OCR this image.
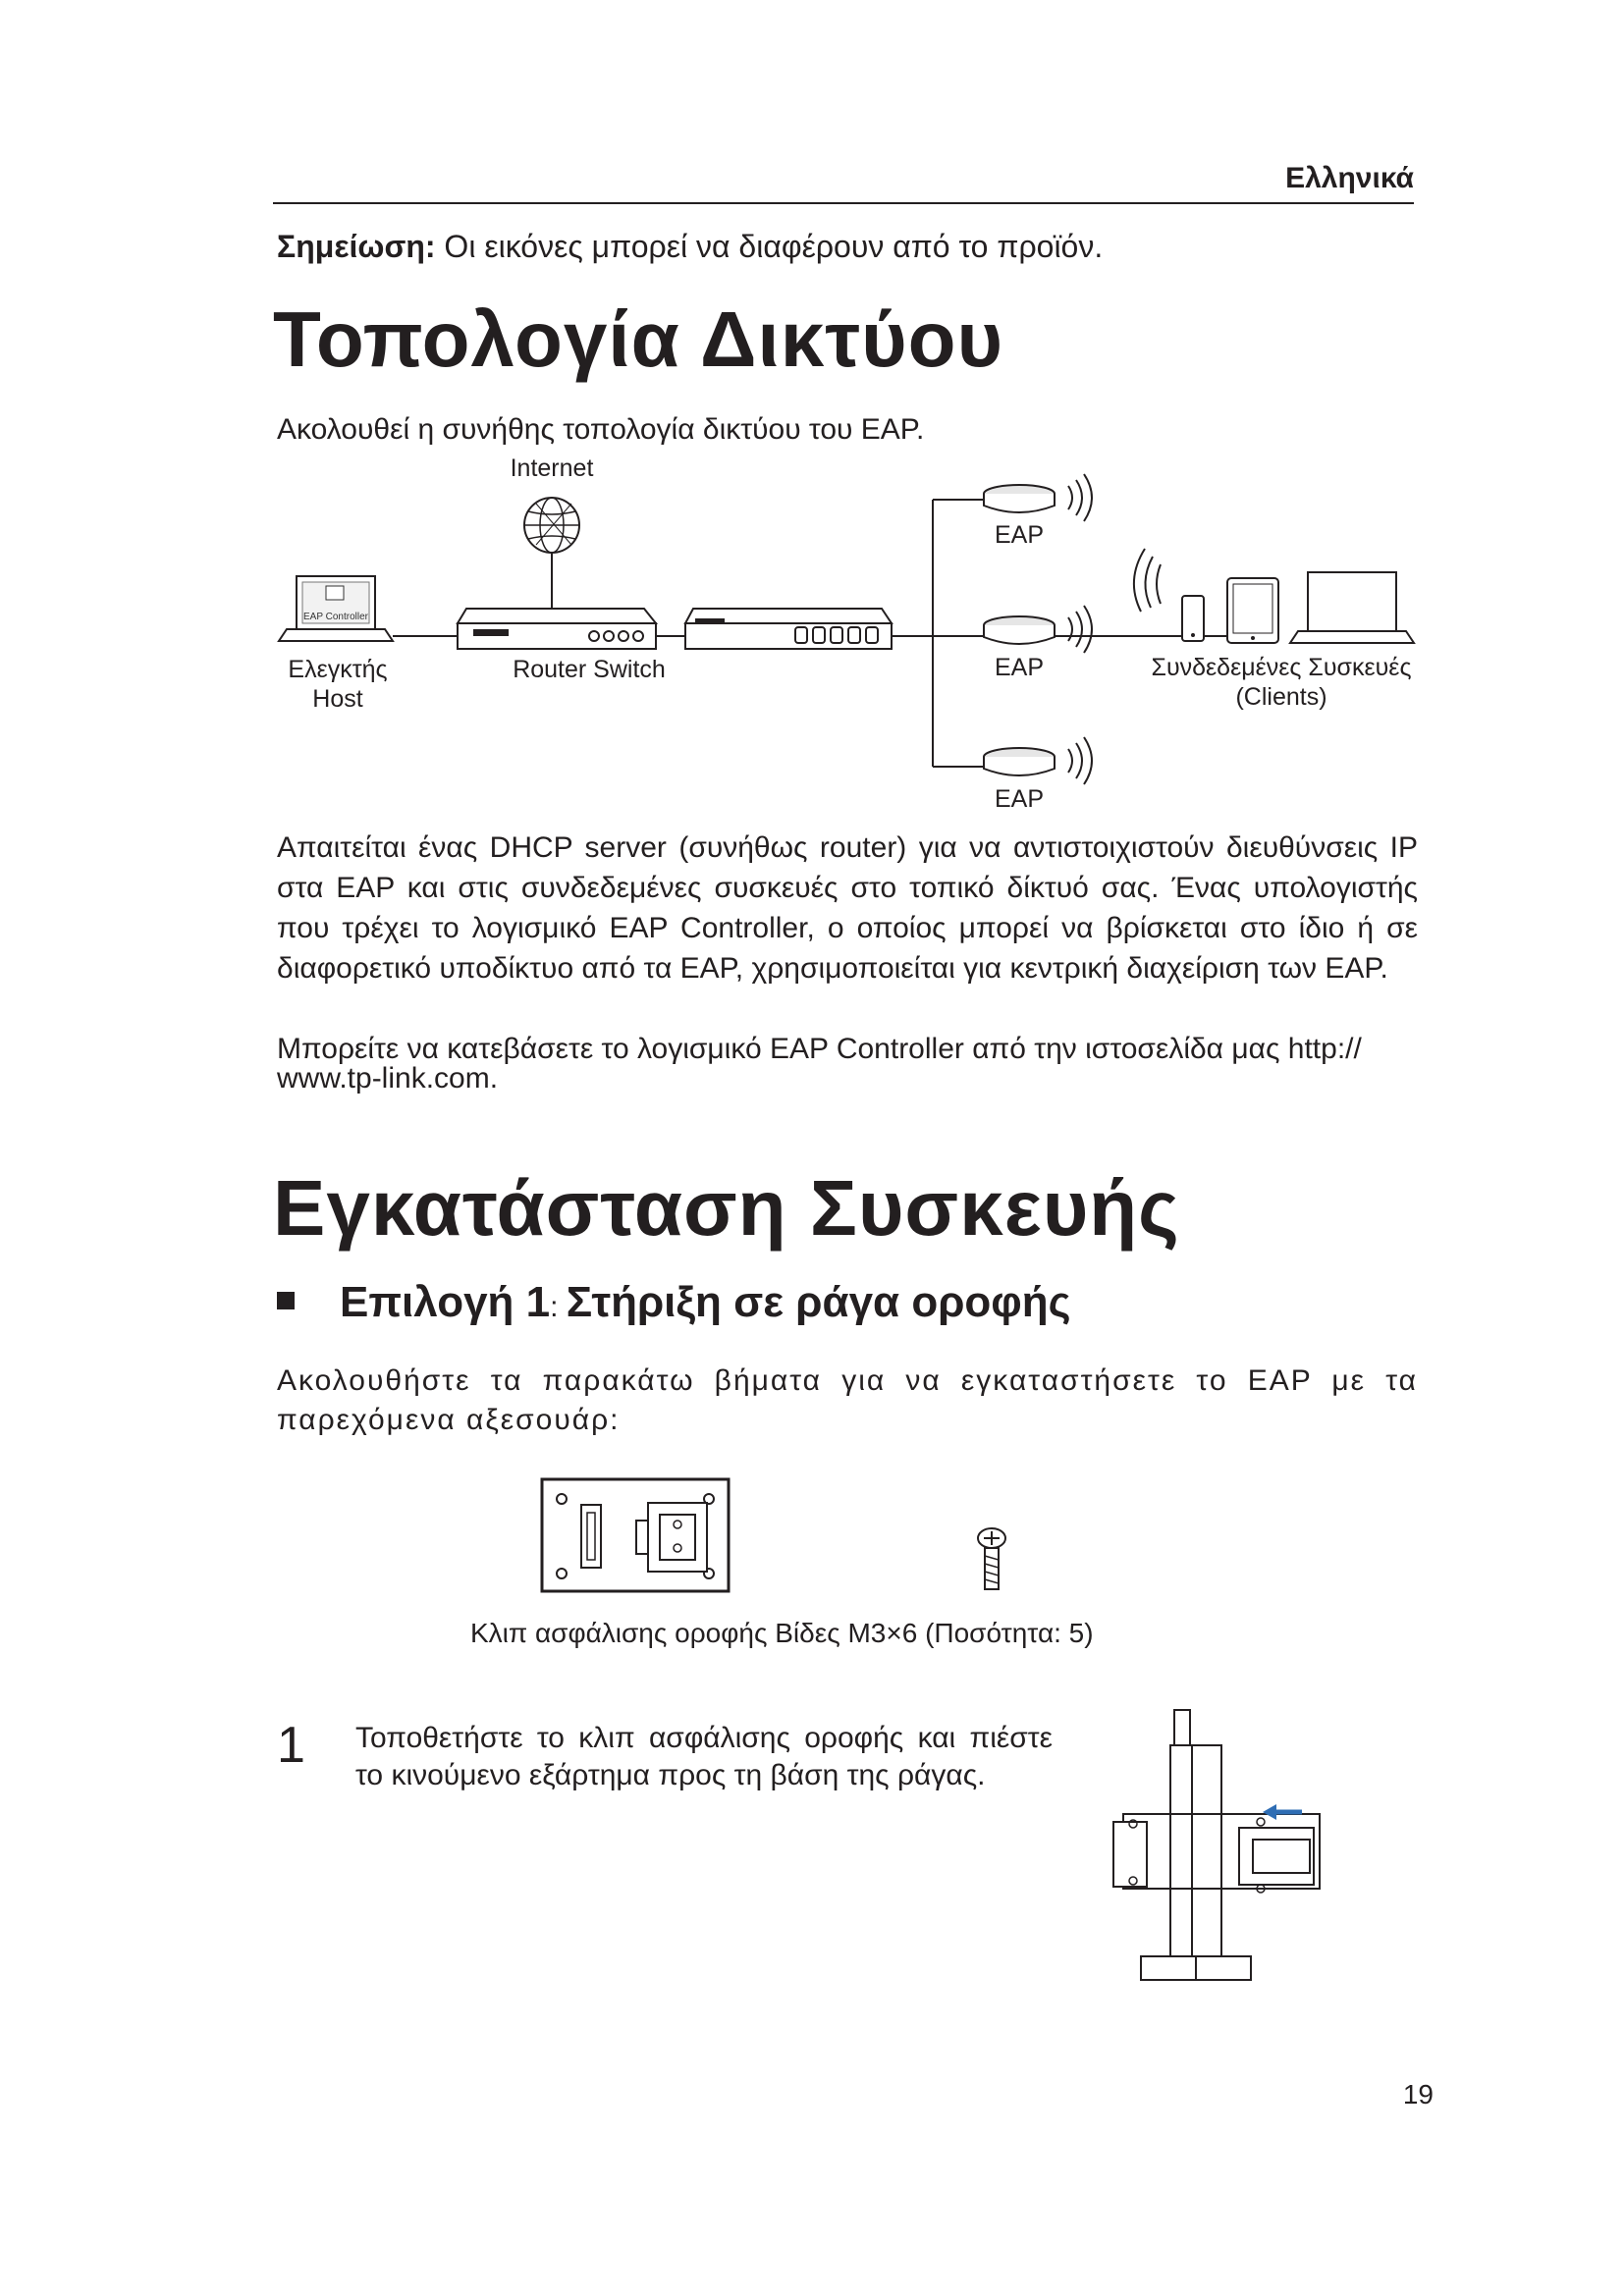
Ελληνικά
Σημείωση: Οι εικόνες μπορεί να διαφέρουν από το προϊόν.
Τοπολογία Δικτύου
Ακολουθεί η συνήθης τοπολογία δικτύου του EAP.
Internet
EAP Controller
Ελεγκτής
Host
Router Switch
EAP
EAP
EAP
Συνδεδεμένες Συσκευές
(Clients)
Απαιτείται ένας DHCP server (συνήθως router) για να αντιστοιχιστούν διευθύνσεις IP στα EAP και στις συνδεδεμένες συσκευές στο τοπικό δίκτυό σας. Ένας υπολογιστής που τρέχει το λογισμικό EAP Controller, ο οποίος μπορεί να βρίσκεται στο ίδιο ή σε διαφορετικό υποδίκτυο από τα EAP, χρησιμοποιείται για κεντρική διαχείριση των EAP.
Μπορείτε να κατεβάσετε το λογισμικό EAP Controller από την ιστοσελίδα μας http:// www.tp-link.com.
Εγκατάσταση Συσκευής
Επιλογή 1: Στήριξη σε ράγα οροφής
Ακολουθήστε τα παρακάτω βήματα για να εγκαταστήσετε το EAP με τα παρεχόμενα αξεσουάρ:
Κλιπ ασφάλισης οροφής Βίδες M3×6 (Ποσότητα: 5)
1 Τοποθετήστε το κλιπ ασφάλισης οροφής και πιέστε το κινούμενο εξάρτημα προς τη βάση της ράγας.
19
